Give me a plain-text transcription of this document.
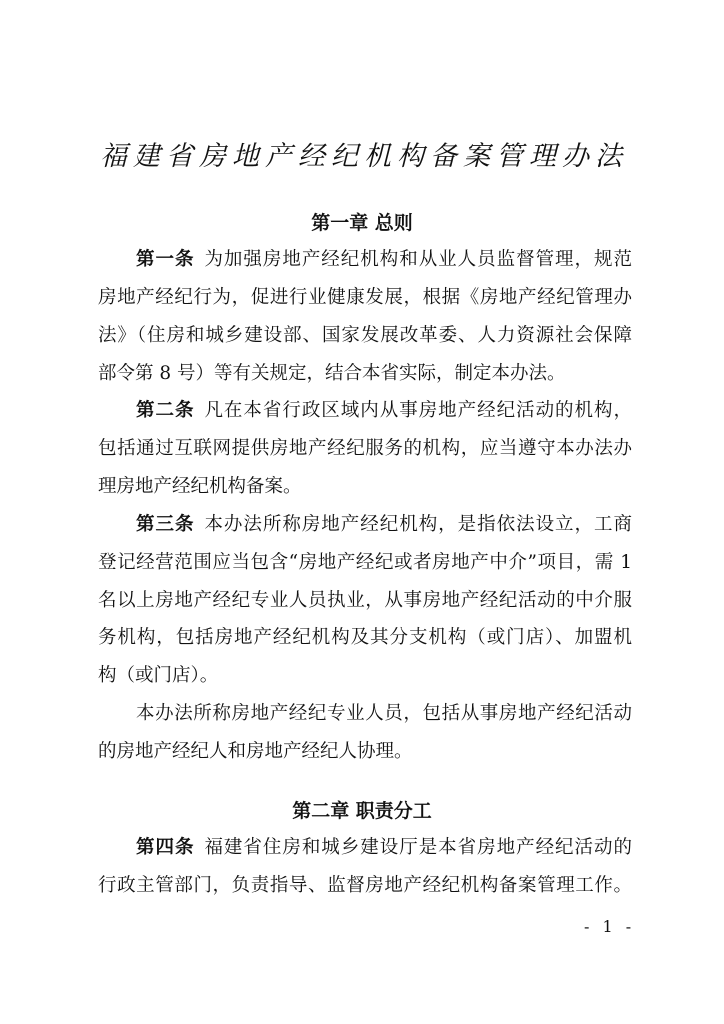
福建省房地产经纪机构备案管理办法
第一章 总则
第一条 为加强房地产经纪机构和从业人员监督管理，规范
房地产经纪行为，促进行业健康发展，根据《房地产经纪管理办
法》（住房和城乡建设部、国家发展改革委、人力资源社会保障
部令第 8 号）等有关规定，结合本省实际，制定本办法。
第二条 凡在本省行政区域内从事房地产经纪活动的机构，
包括通过互联网提供房地产经纪服务的机构，应当遵守本办法办
理房地产经纪机构备案。
第三条 本办法所称房地产经纪机构，是指依法设立，工商
登记经营范围应当包含“房地产经纪或者房地产中介”项目，需 1
名以上房地产经纪专业人员执业，从事房地产经纪活动的中介服
务机构，包括房地产经纪机构及其分支机构（或门店）、加盟机
构（或门店）。
本办法所称房地产经纪专业人员，包括从事房地产经纪活动
的房地产经纪人和房地产经纪人协理。
第二章 职责分工
第四条 福建省住房和城乡建设厅是本省房地产经纪活动的
行政主管部门，负责指导、监督房地产经纪机构备案管理工作。
- 1 -
